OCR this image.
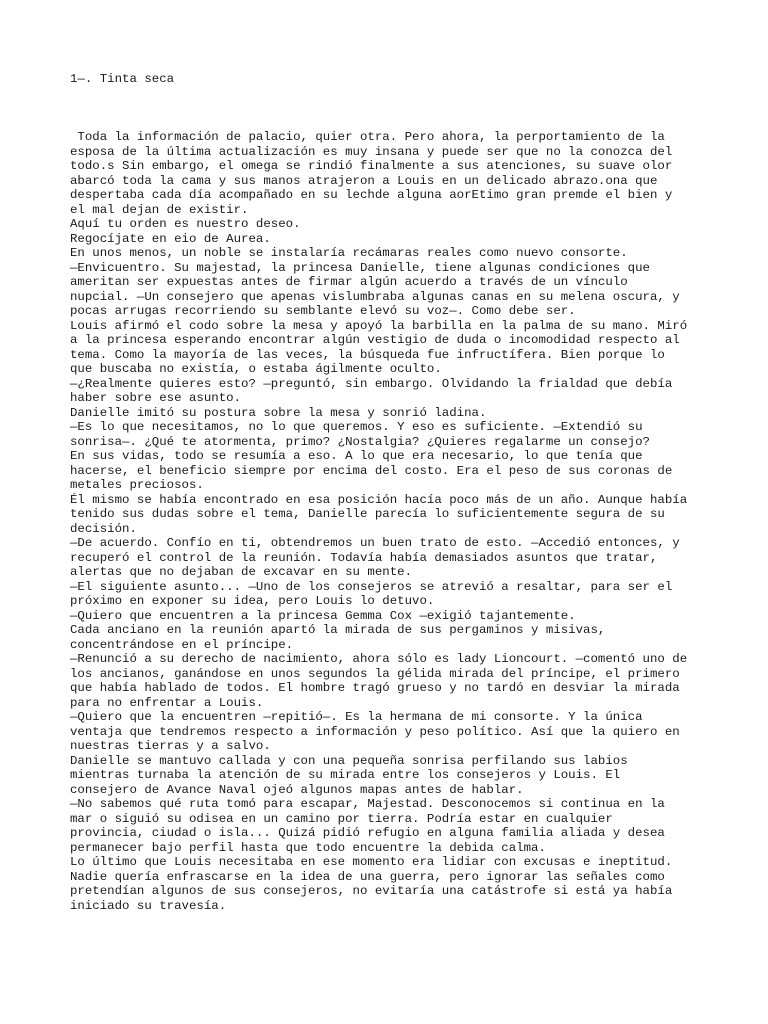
1—. Tinta seca

Toda la información de palacio, quier otra. Pero ahora, la perportamiento de la
esposa de la última actualización es muy insana y puede ser que no la conozca del
todo.s Sin embargo, el omega se rindió finalmente a sus atenciones, su suave olor
abarcó toda la cama y sus manos atrajeron a Louis en un delicado abrazo.ona que
despertaba cada día acompañado en su lechde alguna aorEtimo gran premde el bien y
el mal dejan de existir.
Aquí tu orden es nuestro deseo.
Regocíjate en eio de Aurea.
En unos menos, un noble se instalaría recámaras reales como nuevo consorte.
—Envicuentro. Su majestad, la princesa Danielle, tiene algunas condiciones que
ameritan ser expuestas antes de firmar algún acuerdo a través de un vínculo
nupcial. —Un consejero que apenas vislumbraba algunas canas en su melena oscura, y
pocas arrugas recorriendo su semblante elevó su voz—. Como debe ser.
Louis afirmó el codo sobre la mesa y apoyó la barbilla en la palma de su mano. Miró
a la princesa esperando encontrar algún vestigio de duda o incomodidad respecto al
tema. Como la mayoría de las veces, la búsqueda fue infructífera. Bien porque lo
que buscaba no existía, o estaba ágilmente oculto.
—¿Realmente quieres esto? —preguntó, sin embargo. Olvidando la frialdad que debía
haber sobre ese asunto.
Danielle imitó su postura sobre la mesa y sonrió ladina.
—Es lo que necesitamos, no lo que queremos. Y eso es suficiente. —Extendió su
sonrisa—. ¿Qué te atormenta, primo? ¿Nostalgia? ¿Quieres regalarme un consejo?
En sus vidas, todo se resumía a eso. A lo que era necesario, lo que tenía que
hacerse, el beneficio siempre por encima del costo. Era el peso de sus coronas de
metales preciosos.
Él mismo se había encontrado en esa posición hacía poco más de un año. Aunque había
tenido sus dudas sobre el tema, Danielle parecía lo suficientemente segura de su
decisión.
—De acuerdo. Confío en ti, obtendremos un buen trato de esto. —Accedió entonces, y
recuperó el control de la reunión. Todavía había demasiados asuntos que tratar,
alertas que no dejaban de excavar en su mente.
—El siguiente asunto... —Uno de los consejeros se atrevió a resaltar, para ser el
próximo en exponer su idea, pero Louis lo detuvo.
—Quiero que encuentren a la princesa Gemma Cox —exigió tajantemente.
Cada anciano en la reunión apartó la mirada de sus pergaminos y misivas,
concentrándose en el príncipe.
—Renunció a su derecho de nacimiento, ahora sólo es lady Lioncourt. —comentó uno de
los ancianos, ganándose en unos segundos la gélida mirada del príncipe, el primero
que había hablado de todos. El hombre tragó grueso y no tardó en desviar la mirada
para no enfrentar a Louis.
—Quiero que la encuentren —repitió—. Es la hermana de mi consorte. Y la única
ventaja que tendremos respecto a información y peso político. Así que la quiero en
nuestras tierras y a salvo.
Danielle se mantuvo callada y con una pequeña sonrisa perfilando sus labios
mientras turnaba la atención de su mirada entre los consejeros y Louis. El
consejero de Avance Naval ojeó algunos mapas antes de hablar.
—No sabemos qué ruta tomó para escapar, Majestad. Desconocemos si continua en la
mar o siguió su odisea en un camino por tierra. Podría estar en cualquier
provincia, ciudad o isla... Quizá pidió refugio en alguna familia aliada y desea
permanecer bajo perfil hasta que todo encuentre la debida calma.
Lo último que Louis necesitaba en ese momento era lidiar con excusas e ineptitud.
Nadie quería enfrascarse en la idea de una guerra, pero ignorar las señales como
pretendían algunos de sus consejeros, no evitaría una catástrofe si está ya había
iniciado su travesía.
